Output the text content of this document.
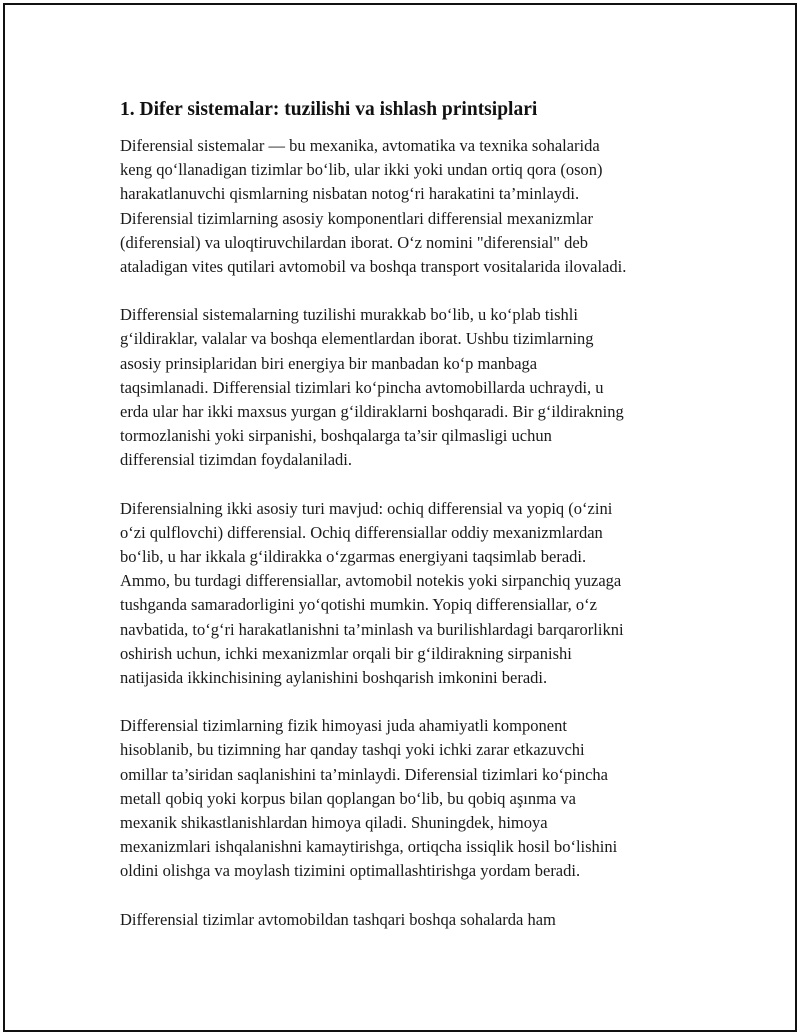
1. Difer sistemalar: tuzilishi va ishlash printsiplari

Diferensial sistemalar — bu mexanika, avtomatika va texnika sohalarida
keng qo‘llanadigan tizimlar bo‘lib, ular ikki yoki undan ortiq qora (oson)
harakatlanuvchi qismlarning nisbatan notog‘ri harakatini ta’minlaydi.
Diferensial tizimlarning asosiy komponentlari differensial mexanizmlar
(diferensial) va uloqtiruvchilardan iborat. O‘z nomini "diferensial" deb
ataladigan vites qutilari avtomobil va boshqa transport vositalarida ilovaladi.

Differensial sistemalarning tuzilishi murakkab bo‘lib, u ko‘plab tishli
g‘ildiraklar, valalar va boshqa elementlardan iborat. Ushbu tizimlarning
asosiy prinsiplaridan biri energiya bir manbadan ko‘p manbaga
taqsimlanadi. Differensial tizimlari ko‘pincha avtomobillarda uchraydi, u
erda ular har ikki maxsus yurgan g‘ildiraklarni boshqaradi. Bir g‘ildirakning
tormozlanishi yoki sirpanishi, boshqalarga ta’sir qilmasligi uchun
differensial tizimdan foydalaniladi.

Diferensialning ikki asosiy turi mavjud: ochiq differensial va yopiq (o‘zini
o‘zi qulflovchi) differensial. Ochiq differensiallar oddiy mexanizmlardan
bo‘lib, u har ikkala g‘ildirakka o‘zgarmas energiyani taqsimlab beradi.
Ammo, bu turdagi differensiallar, avtomobil notekis yoki sirpanchiq yuzaga
tushganda samaradorligini yo‘qotishi mumkin. Yopiq differensiallar, o‘z
navbatida, to‘g‘ri harakatlanishni ta’minlash va burilishlardagi barqarorlikni
oshirish uchun, ichki mexanizmlar orqali bir g‘ildirakning sirpanishi
natijasida ikkinchisining aylanishini boshqarish imkonini beradi.

Differensial tizimlarning fizik himoyasi juda ahamiyatli komponent
hisoblanib, bu tizimning har qanday tashqi yoki ichki zarar etkazuvchi
omillar ta’siridan saqlanishini ta’minlaydi. Diferensial tizimlari ko‘pincha
metall qobiq yoki korpus bilan qoplangan bo‘lib, bu qobiq aşınma va
mexanik shikastlanishlardan himoya qiladi. Shuningdek, himoya
mexanizmlari ishqalanishni kamaytirishga, ortiqcha issiqlik hosil bo‘lishini
oldini olishga va moylash tizimini optimallashtirishga yordam beradi.

Differensial tizimlar avtomobildan tashqari boshqa sohalarda ham
